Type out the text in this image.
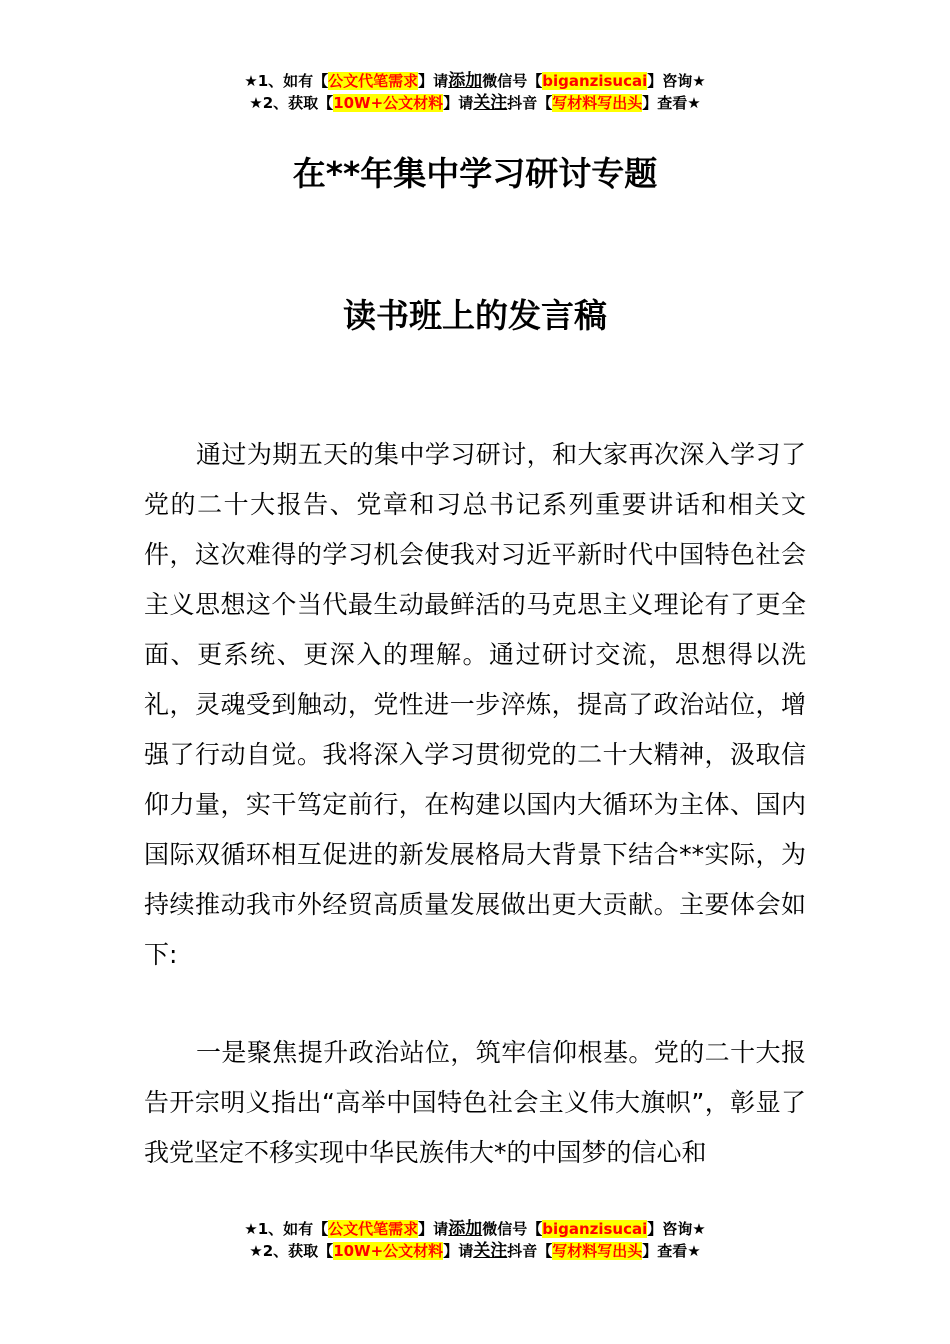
★1、如有【公文代笔需求】请添加微信号【biganzisucai】咨询★
★2、获取【10W+公文材料】请关注抖音【写材料写出头】查看★
在**年集中学习研讨专题
读书班上的发言稿

通过为期五天的集中学习研讨，和大家再次深入学习了党的二十大报告、党章和习总书记系列重要讲话和相关文件，这次难得的学习机会使我对习近平新时代中国特色社会主义思想这个当代最生动最鲜活的马克思主义理论有了更全面、更系统、更深入的理解。通过研讨交流，思想得以洗礼，灵魂受到触动，党性进一步淬炼，提高了政治站位，增强了行动自觉。我将深入学习贯彻党的二十大精神，汲取信仰力量，实干笃定前行，在构建以国内大循环为主体、国内国际双循环相互促进的新发展格局大背景下结合**实际，为持续推动我市外经贸高质量发展做出更大贡献。主要体会如下:

一是聚焦提升政治站位，筑牢信仰根基。党的二十大报告开宗明义指出“高举中国特色社会主义伟大旗帜”，彰显了我党坚定不移实现中华民族伟大*的中国梦的信心和

★1、如有【公文代笔需求】请添加微信号【biganzisucai】咨询★
★2、获取【10W+公文材料】请关注抖音【写材料写出头】查看★
